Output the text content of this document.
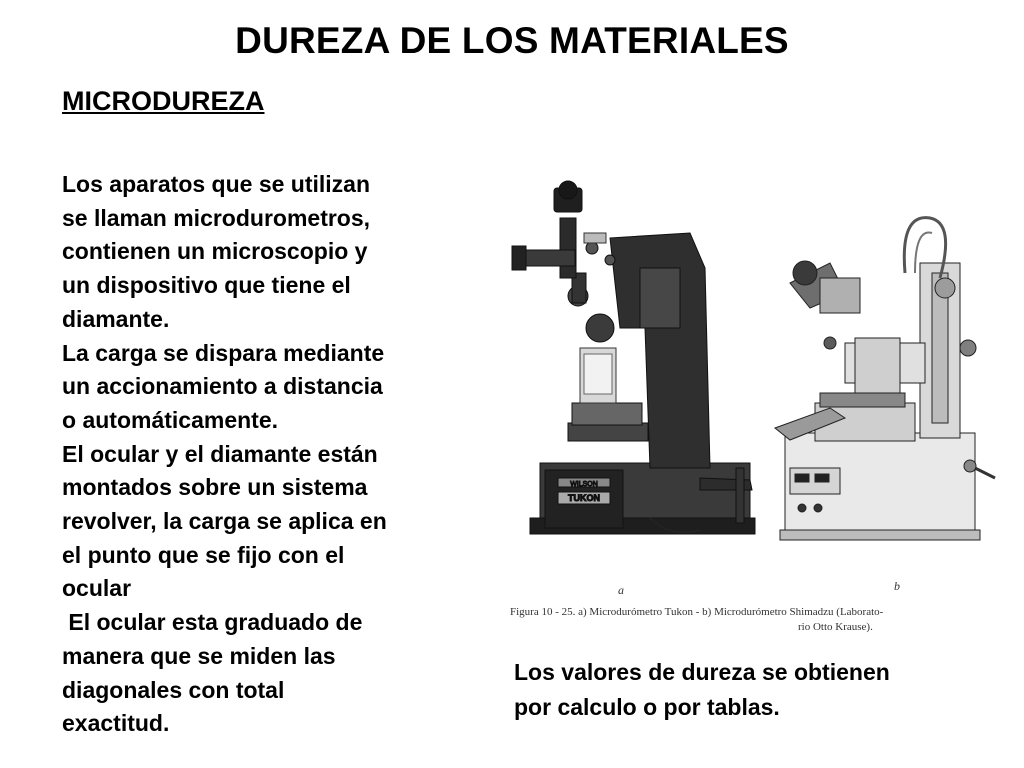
DUREZA DE LOS MATERIALES
MICRODUREZA

Los aparatos que se utilizan

se llaman microdurometros,

contienen un microscopio y

un dispositivo que tiene el

diamante.

La carga se dispara mediante

un accionamiento a distancia

o automáticamente.

El ocular y el diamante están

montados sobre un sistema

revolver, la carga se aplica en

el punto que se fijo con el

ocular

El ocular esta graduado de

manera que se miden las

diagonales con total

exactitud.

WILSON
TUKON
a	b
Figura 10 - 25. a) Microdurómetro Tukon - b) Microdurómetro Shimadzu (Laborato-
rio Otto Krause).

Los valores de dureza se obtienen

por calculo o por tablas.
